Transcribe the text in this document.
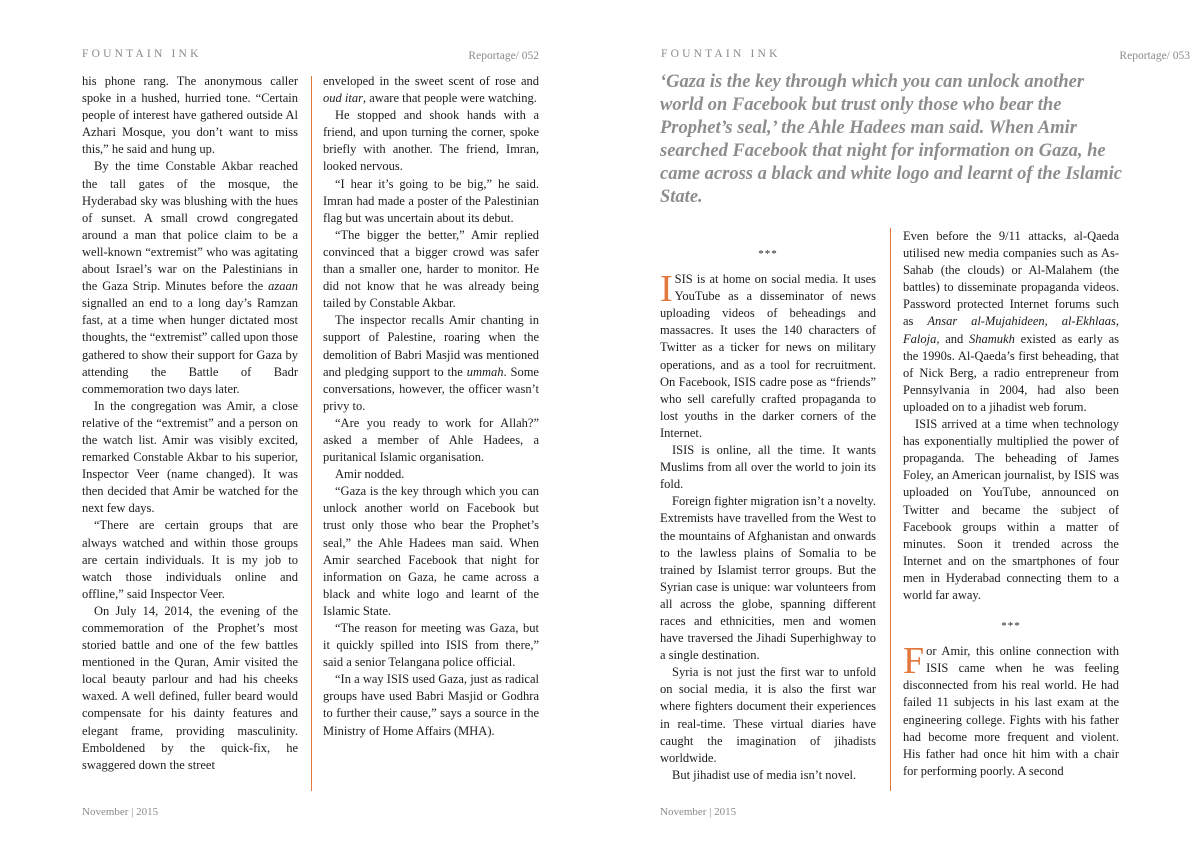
FOUNTAIN INK	Reportage/ 052

his phone rang. The anonymous caller spoke in a hushed, hurried tone. “Certain people of interest have gathered outside Al Azhari Mosque, you don’t want to miss this,” he said and hung up.

By the time Constable Akbar reached the tall gates of the mosque, the Hyderabad sky was blushing with the hues of sunset. A small crowd congregated around a man that police claim to be a well-known “extremist” who was agitating about Israel’s war on the Palestinians in the Gaza Strip. Minutes before the azaan signalled an end to a long day’s Ramzan fast, at a time when hunger dictated most thoughts, the “extremist” called upon those gathered to show their support for Gaza by attending the Battle of Badr commemoration two days later.

In the congregation was Amir, a close relative of the “extremist” and a person on the watch list. Amir was visibly excited, remarked Constable Akbar to his superior, Inspector Veer (name changed). It was then decided that Amir be watched for the next few days.

“There are certain groups that are always watched and within those groups are certain individuals. It is my job to watch those individuals online and offline,” said Inspector Veer.

On July 14, 2014, the evening of the commemoration of the Prophet’s most storied battle and one of the few battles mentioned in the Quran, Amir visited the local beauty parlour and had his cheeks waxed. A well defined, fuller beard would compensate for his dainty features and elegant frame, providing masculinity. Emboldened by the quick-fix, he swaggered down the street

enveloped in the sweet scent of rose and oud itar, aware that people were watching.

He stopped and shook hands with a friend, and upon turning the corner, spoke briefly with another. The friend, Imran, looked nervous.

“I hear it’s going to be big,” he said. Imran had made a poster of the Palestinian flag but was uncertain about its debut.

“The bigger the better,” Amir replied convinced that a bigger crowd was safer than a smaller one, harder to monitor. He did not know that he was already being tailed by Constable Akbar.

The inspector recalls Amir chanting in support of Palestine, roaring when the demolition of Babri Masjid was mentioned and pledging support to the ummah. Some conversations, however, the officer wasn’t privy to.

“Are you ready to work for Allah?” asked a member of Ahle Hadees, a puritanical Islamic organisation.

Amir nodded.

“Gaza is the key through which you can unlock another world on Facebook but trust only those who bear the Prophet’s seal,” the Ahle Hadees man said. When Amir searched Facebook that night for information on Gaza, he came across a black and white logo and learnt of the Islamic State.

“The reason for meeting was Gaza, but it quickly spilled into ISIS from there,” said a senior Telangana police official.

“In a way ISIS used Gaza, just as radical groups have used Babri Masjid or Godhra to further their cause,” says a source in the Ministry of Home Affairs (MHA).

November | 2015
FOUNTAIN INK	Reportage/ 053
‘Gaza is the key through which you can unlock another world on Facebook but trust only those who bear the Prophet’s seal,’ the Ahle Hadees man said. When Amir searched Facebook that night for information on Gaza, he came across a black and white logo and learnt of the Islamic State.

***

ISIS is at home on social media. It uses YouTube as a disseminator of news uploading videos of beheadings and massacres. It uses the 140 characters of Twitter as a ticker for news on military operations, and as a tool for recruitment. On Facebook, ISIS cadre pose as “friends” who sell carefully crafted propaganda to lost youths in the darker corners of the Internet.

ISIS is online, all the time. It wants Muslims from all over the world to join its fold.

Foreign fighter migration isn’t a novelty. Extremists have travelled from the West to the mountains of Afghanistan and onwards to the lawless plains of Somalia to be trained by Islamist terror groups. But the Syrian case is unique: war volunteers from all across the globe, spanning different races and ethnicities, men and women have traversed the Jihadi Superhighway to a single destination.

Syria is not just the first war to unfold on social media, it is also the first war where fighters document their experiences in real-time. These virtual diaries have caught the imagination of jihadists worldwide.

But jihadist use of media isn’t novel.

Even before the 9/11 attacks, al-Qaeda utilised new media companies such as As-Sahab (the clouds) or Al-Malahem (the battles) to disseminate propaganda videos. Password protected Internet forums such as Ansar al-Mujahideen, al-Ekhlaas, Faloja, and Shamukh existed as early as the 1990s. Al-Qaeda’s first beheading, that of Nick Berg, a radio entrepreneur from Pennsylvania in 2004, had also been uploaded on to a jihadist web forum.

ISIS arrived at a time when technology has exponentially multiplied the power of propaganda. The beheading of James Foley, an American journalist, by ISIS was uploaded on YouTube, announced on Twitter and became the subject of Facebook groups within a matter of minutes. Soon it trended across the Internet and on the smartphones of four men in Hyderabad connecting them to a world far away.

***

For Amir, this online connection with ISIS came when he was feeling disconnected from his real world. He had failed 11 subjects in his last exam at the engineering college. Fights with his father had become more frequent and violent. His father had once hit him with a chair for performing poorly. A second

November | 2015
